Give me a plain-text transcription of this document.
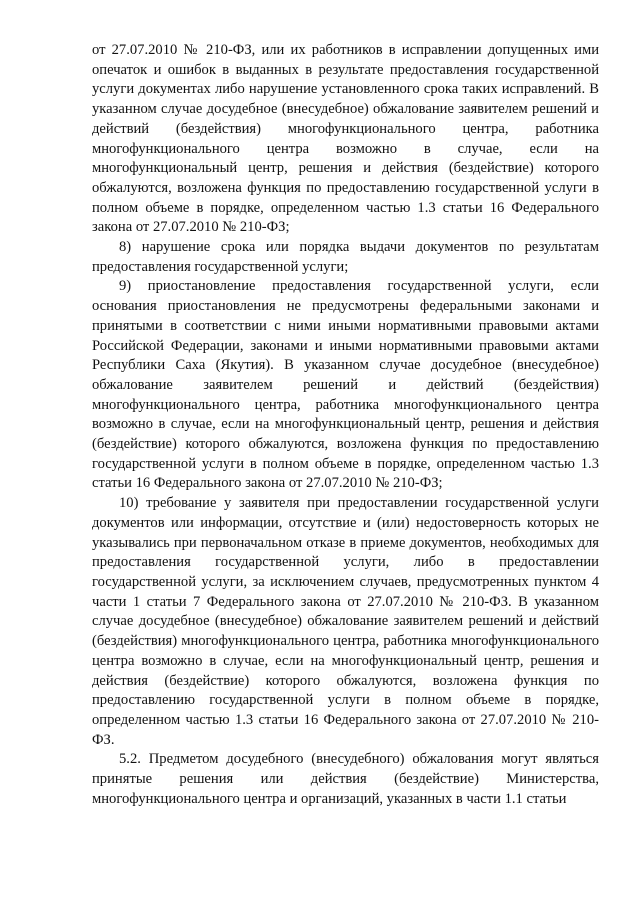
от 27.07.2010 № 210-ФЗ, или их работников в исправлении допущенных ими опечаток и ошибок в выданных в результате предоставления государственной услуги документах либо нарушение установленного срока таких исправлений. В указанном случае досудебное (внесудебное) обжалование заявителем решений и действий (бездействия) многофункционального центра, работника многофункционального центра возможно в случае, если на многофункциональный центр, решения и действия (бездействие) которого обжалуются, возложена функция по предоставлению государственной услуги в полном объеме в порядке, определенном частью 1.3 статьи 16 Федерального закона от 27.07.2010 № 210-ФЗ;

8) нарушение срока или порядка выдачи документов по результатам предоставления государственной услуги;

9) приостановление предоставления государственной услуги, если основания приостановления не предусмотрены федеральными законами и принятыми в соответствии с ними иными нормативными правовыми актами Российской Федерации, законами и иными нормативными правовыми актами Республики Саха (Якутия). В указанном случае досудебное (внесудебное) обжалование заявителем решений и действий (бездействия) многофункционального центра, работника многофункционального центра возможно в случае, если на многофункциональный центр, решения и действия (бездействие) которого обжалуются, возложена функция по предоставлению государственной услуги в полном объеме в порядке, определенном частью 1.3 статьи 16 Федерального закона от 27.07.2010 № 210-ФЗ;

10) требование у заявителя при предоставлении государственной услуги документов или информации, отсутствие и (или) недостоверность которых не указывались при первоначальном отказе в приеме документов, необходимых для предоставления государственной услуги, либо в предоставлении государственной услуги, за исключением случаев, предусмотренных пунктом 4 части 1 статьи 7 Федерального закона от 27.07.2010 № 210-ФЗ. В указанном случае досудебное (внесудебное) обжалование заявителем решений и действий (бездействия) многофункционального центра, работника многофункционального центра возможно в случае, если на многофункциональный центр, решения и действия (бездействие) которого обжалуются, возложена функция по предоставлению государственной услуги в полном объеме в порядке, определенном частью 1.3 статьи 16 Федерального закона от 27.07.2010 № 210-ФЗ.

5.2. Предметом досудебного (внесудебного) обжалования могут являться принятые решения или действия (бездействие) Министерства, многофункционального центра и организаций, указанных в части 1.1 статьи
